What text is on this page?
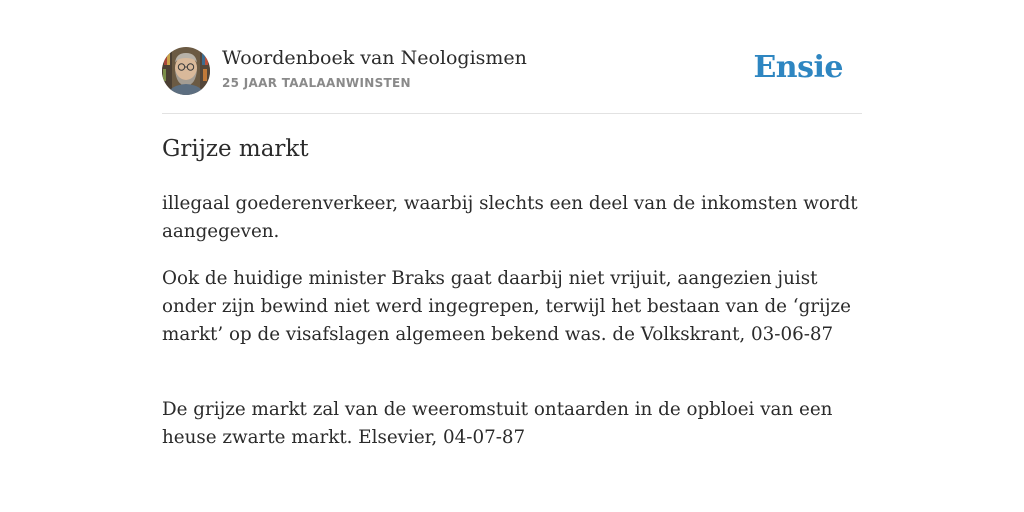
Woordenboek van Neologismen
25 JAAR TAALAANWINSTEN	Ensie
Grijze markt

illegaal goederenverkeer, waarbij slechts een deel van de inkomsten wordt aangegeven.

Ook de huidige minister Braks gaat daarbij niet vrijuit, aangezien juist onder zijn bewind niet werd ingegrepen, terwijl het bestaan van de ‘grijze markt’ op de visafslagen algemeen bekend was. de Volkskrant, 03-06-87

De grijze markt zal van de weeromstuit ontaarden in de opbloei van een heuse zwarte markt. Elsevier, 04-07-87
